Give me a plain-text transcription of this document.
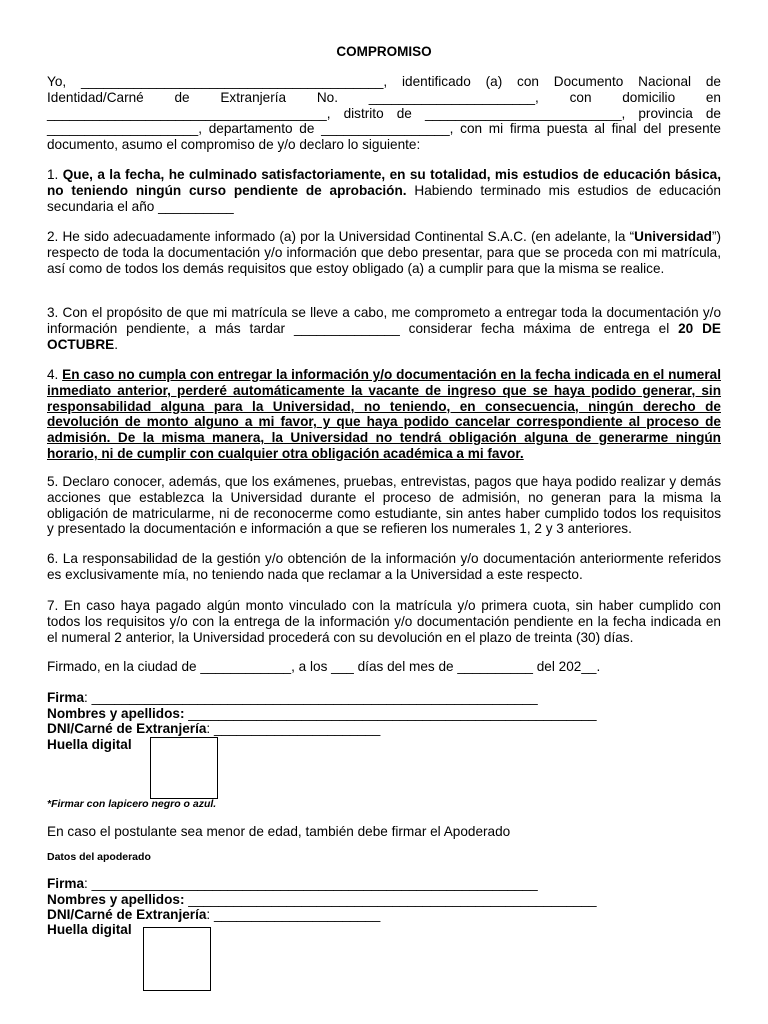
COMPROMISO

Yo, ________________________________________, identificado (a) con Documento Nacional de Identidad/Carné de Extranjería No. ______________________, con domicilio en _____________________________________, distrito de __________________________, provincia de ____________________, departamento de _________________, con mi firma puesta al final del presente documento, asumo el compromiso de y/o declaro lo siguiente:

1. Que, a la fecha, he culminado satisfactoriamente, en su totalidad, mis estudios de educación básica, no teniendo ningún curso pendiente de aprobación. Habiendo terminado mis estudios de educación secundaria el año __________

2. He sido adecuadamente informado (a) por la Universidad Continental S.A.C. (en adelante, la “Universidad”) respecto de toda la documentación y/o información que debo presentar, para que se proceda con mi matrícula, así como de todos los demás requisitos que estoy obligado (a) a cumplir para que la misma se realice.

3. Con el propósito de que mi matrícula se lleve a cabo, me comprometo a entregar toda la documentación y/o información pendiente, a más tardar ______________ considerar fecha máxima de entrega el 20 DE OCTUBRE.

4. En caso no cumpla con entregar la información y/o documentación en la fecha indicada en el numeral inmediato anterior, perderé automáticamente la vacante de ingreso que se haya podido generar, sin responsabilidad alguna para la Universidad, no teniendo, en consecuencia, ningún derecho de devolución de monto alguno a mi favor, y que haya podido cancelar correspondiente al proceso de admisión. De la misma manera, la Universidad no tendrá obligación alguna de generarme ningún horario, ni de cumplir con cualquier otra obligación académica a mi favor.

5. Declaro conocer, además, que los exámenes, pruebas, entrevistas, pagos que haya podido realizar y demás acciones que establezca la Universidad durante el proceso de admisión, no generan para la misma la obligación de matricularme, ni de reconocerme como estudiante, sin antes haber cumplido todos los requisitos y presentado la documentación e información a que se refieren los numerales 1, 2 y 3 anteriores.

6. La responsabilidad de la gestión y/o obtención de la información y/o documentación anteriormente referidos es exclusivamente mía, no teniendo nada que reclamar a la Universidad a este respecto.

7. En caso haya pagado algún monto vinculado con la matrícula y/o primera cuota, sin haber cumplido con todos los requisitos y/o con la entrega de la información y/o documentación pendiente en la fecha indicada en el numeral 2 anterior, la Universidad procederá con su devolución en el plazo de treinta (30) días.

Firmado, en la ciudad de ____________, a los ___ días del mes de __________ del 202__.

Firma: ___________________________________________________________
Nombres y apellidos: ______________________________________________________
DNI/Carné de Extranjería: ______________________
Huella digital
*Firmar con lapicero negro o azul.
En caso el postulante sea menor de edad, también debe firmar el Apoderado
Datos del apoderado
Firma: ___________________________________________________________
Nombres y apellidos: ______________________________________________________
DNI/Carné de Extranjería: ______________________
Huella digital
